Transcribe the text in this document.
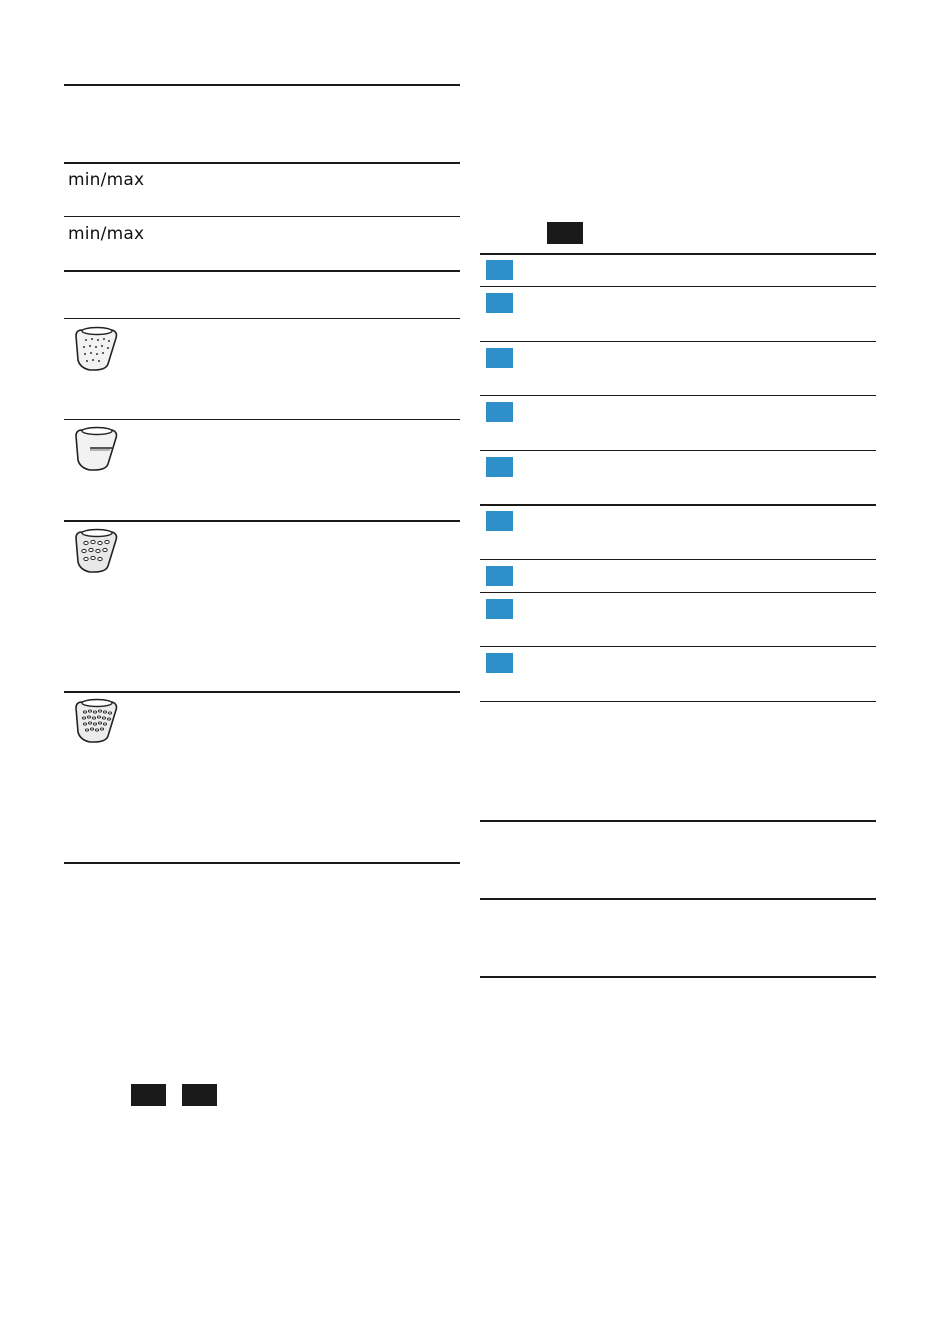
min/max
min/max
